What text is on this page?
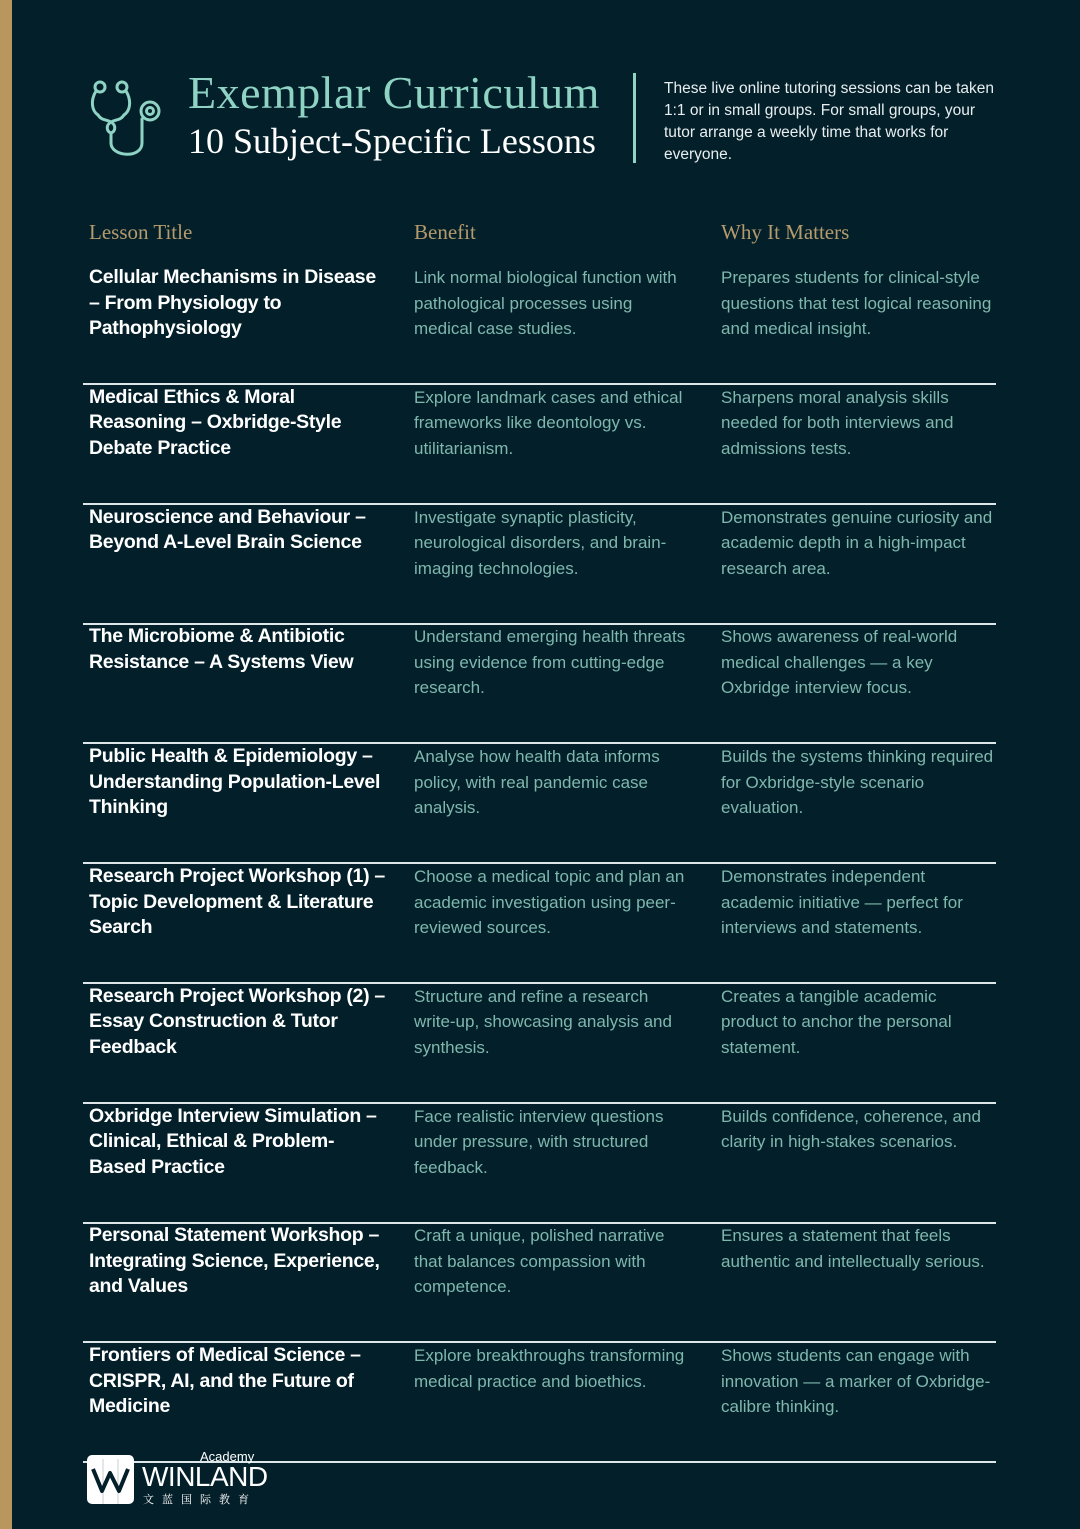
Exemplar Curriculum
10 Subject-Specific Lessons
These live online tutoring sessions can be taken 1:1 or in small groups. For small groups, your tutor arrange a weekly time that works for everyone.
Lesson Title	Benefit	Why It Matters
Cellular Mechanisms in Disease – From Physiology to Pathophysiology
Link normal biological function with pathological processes using medical case studies.
Prepares students for clinical-style questions that test logical reasoning and medical insight.
Medical Ethics & Moral Reasoning – Oxbridge-Style Debate Practice
Explore landmark cases and ethical frameworks like deontology vs. utilitarianism.
Sharpens moral analysis skills needed for both interviews and admissions tests.
Neuroscience and Behaviour – Beyond A-Level Brain Science
Investigate synaptic plasticity, neurological disorders, and brain-imaging technologies.
Demonstrates genuine curiosity and academic depth in a high-impact research area.
The Microbiome & Antibiotic Resistance – A Systems View
Understand emerging health threats using evidence from cutting-edge research.
Shows awareness of real-world medical challenges — a key Oxbridge interview focus.
Public Health & Epidemiology – Understanding Population-Level Thinking
Analyse how health data informs policy, with real pandemic case analysis.
Builds the systems thinking required for Oxbridge-style scenario evaluation.
Research Project Workshop (1) – Topic Development & Literature Search
Choose a medical topic and plan an academic investigation using peer-reviewed sources.
Demonstrates independent academic initiative — perfect for interviews and statements.
Research Project Workshop (2) – Essay Construction & Tutor Feedback
Structure and refine a research write-up, showcasing analysis and synthesis.
Creates a tangible academic product to anchor the personal statement.
Oxbridge Interview Simulation – Clinical, Ethical & Problem-Based Practice
Face realistic interview questions under pressure, with structured feedback.
Builds confidence, coherence, and clarity in high-stakes scenarios.
Personal Statement Workshop – Integrating Science, Experience, and Values
Craft a unique, polished narrative that balances compassion with competence.
Ensures a statement that feels authentic and intellectually serious.
Frontiers of Medical Science – CRISPR, AI, and the Future of Medicine
Explore breakthroughs transforming medical practice and bioethics.
Shows students can engage with innovation — a marker of Oxbridge-calibre thinking.
Academy
WINLAND
文蓝国际教育
